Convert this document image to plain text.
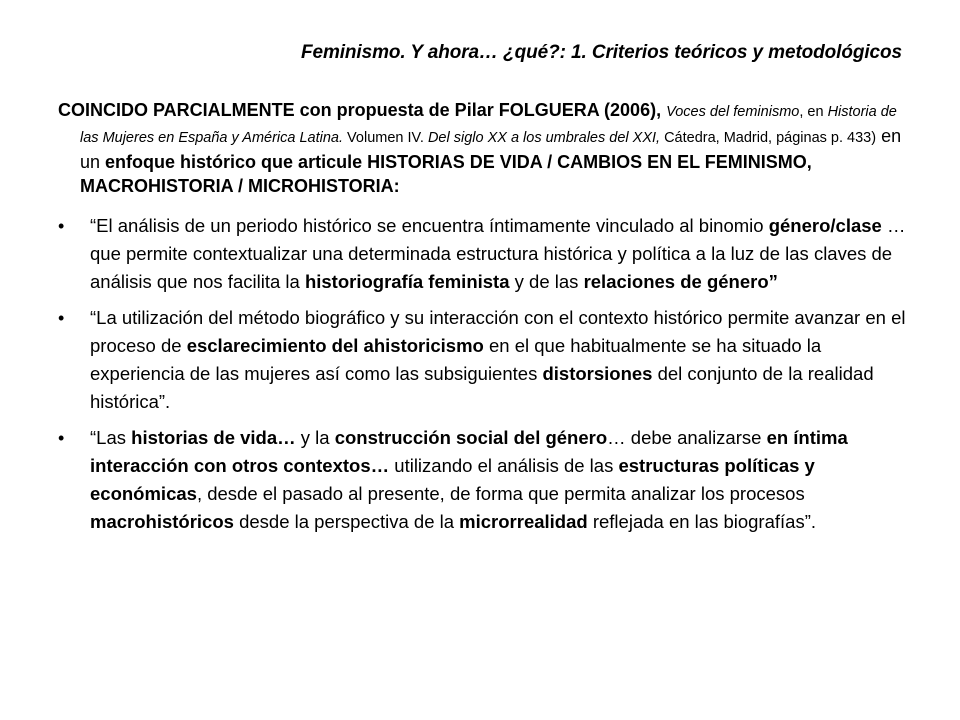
Feminismo. Y ahora… ¿qué?: 1. Criterios teóricos y metodológicos

COINCIDO PARCIALMENTE con propuesta de Pilar FOLGUERA (2006), Voces del feminismo, en Historia de las Mujeres en España y América Latina. Volumen IV. Del siglo XX a los umbrales del XXI, Cátedra, Madrid, páginas p. 433) en un enfoque histórico que articule HISTORIAS DE VIDA / CAMBIOS EN EL FEMINISMO, MACROHISTORIA / MICROHISTORIA:

• “El análisis de un periodo histórico se encuentra íntimamente vinculado al binomio género/clase … que permite contextualizar una determinada estructura histórica y política a la luz de las claves de análisis que nos facilita la historiografía feminista y de las relaciones de género”
• “La utilización del método biográfico y su interacción con el contexto histórico permite avanzar en el proceso de esclarecimiento del ahistoricismo en el que habitualmente se ha situado la experiencia de las mujeres así como las subsiguientes distorsiones del conjunto de la realidad histórica”.
• “Las historias de vida… y la construcción social del género… debe analizarse en íntima interacción con otros contextos… utilizando el análisis de las estructuras políticas y económicas, desde el pasado al presente, de forma que permita analizar los procesos macrohistóricos desde la perspectiva de la microrrealidad reflejada en las biografías”.
